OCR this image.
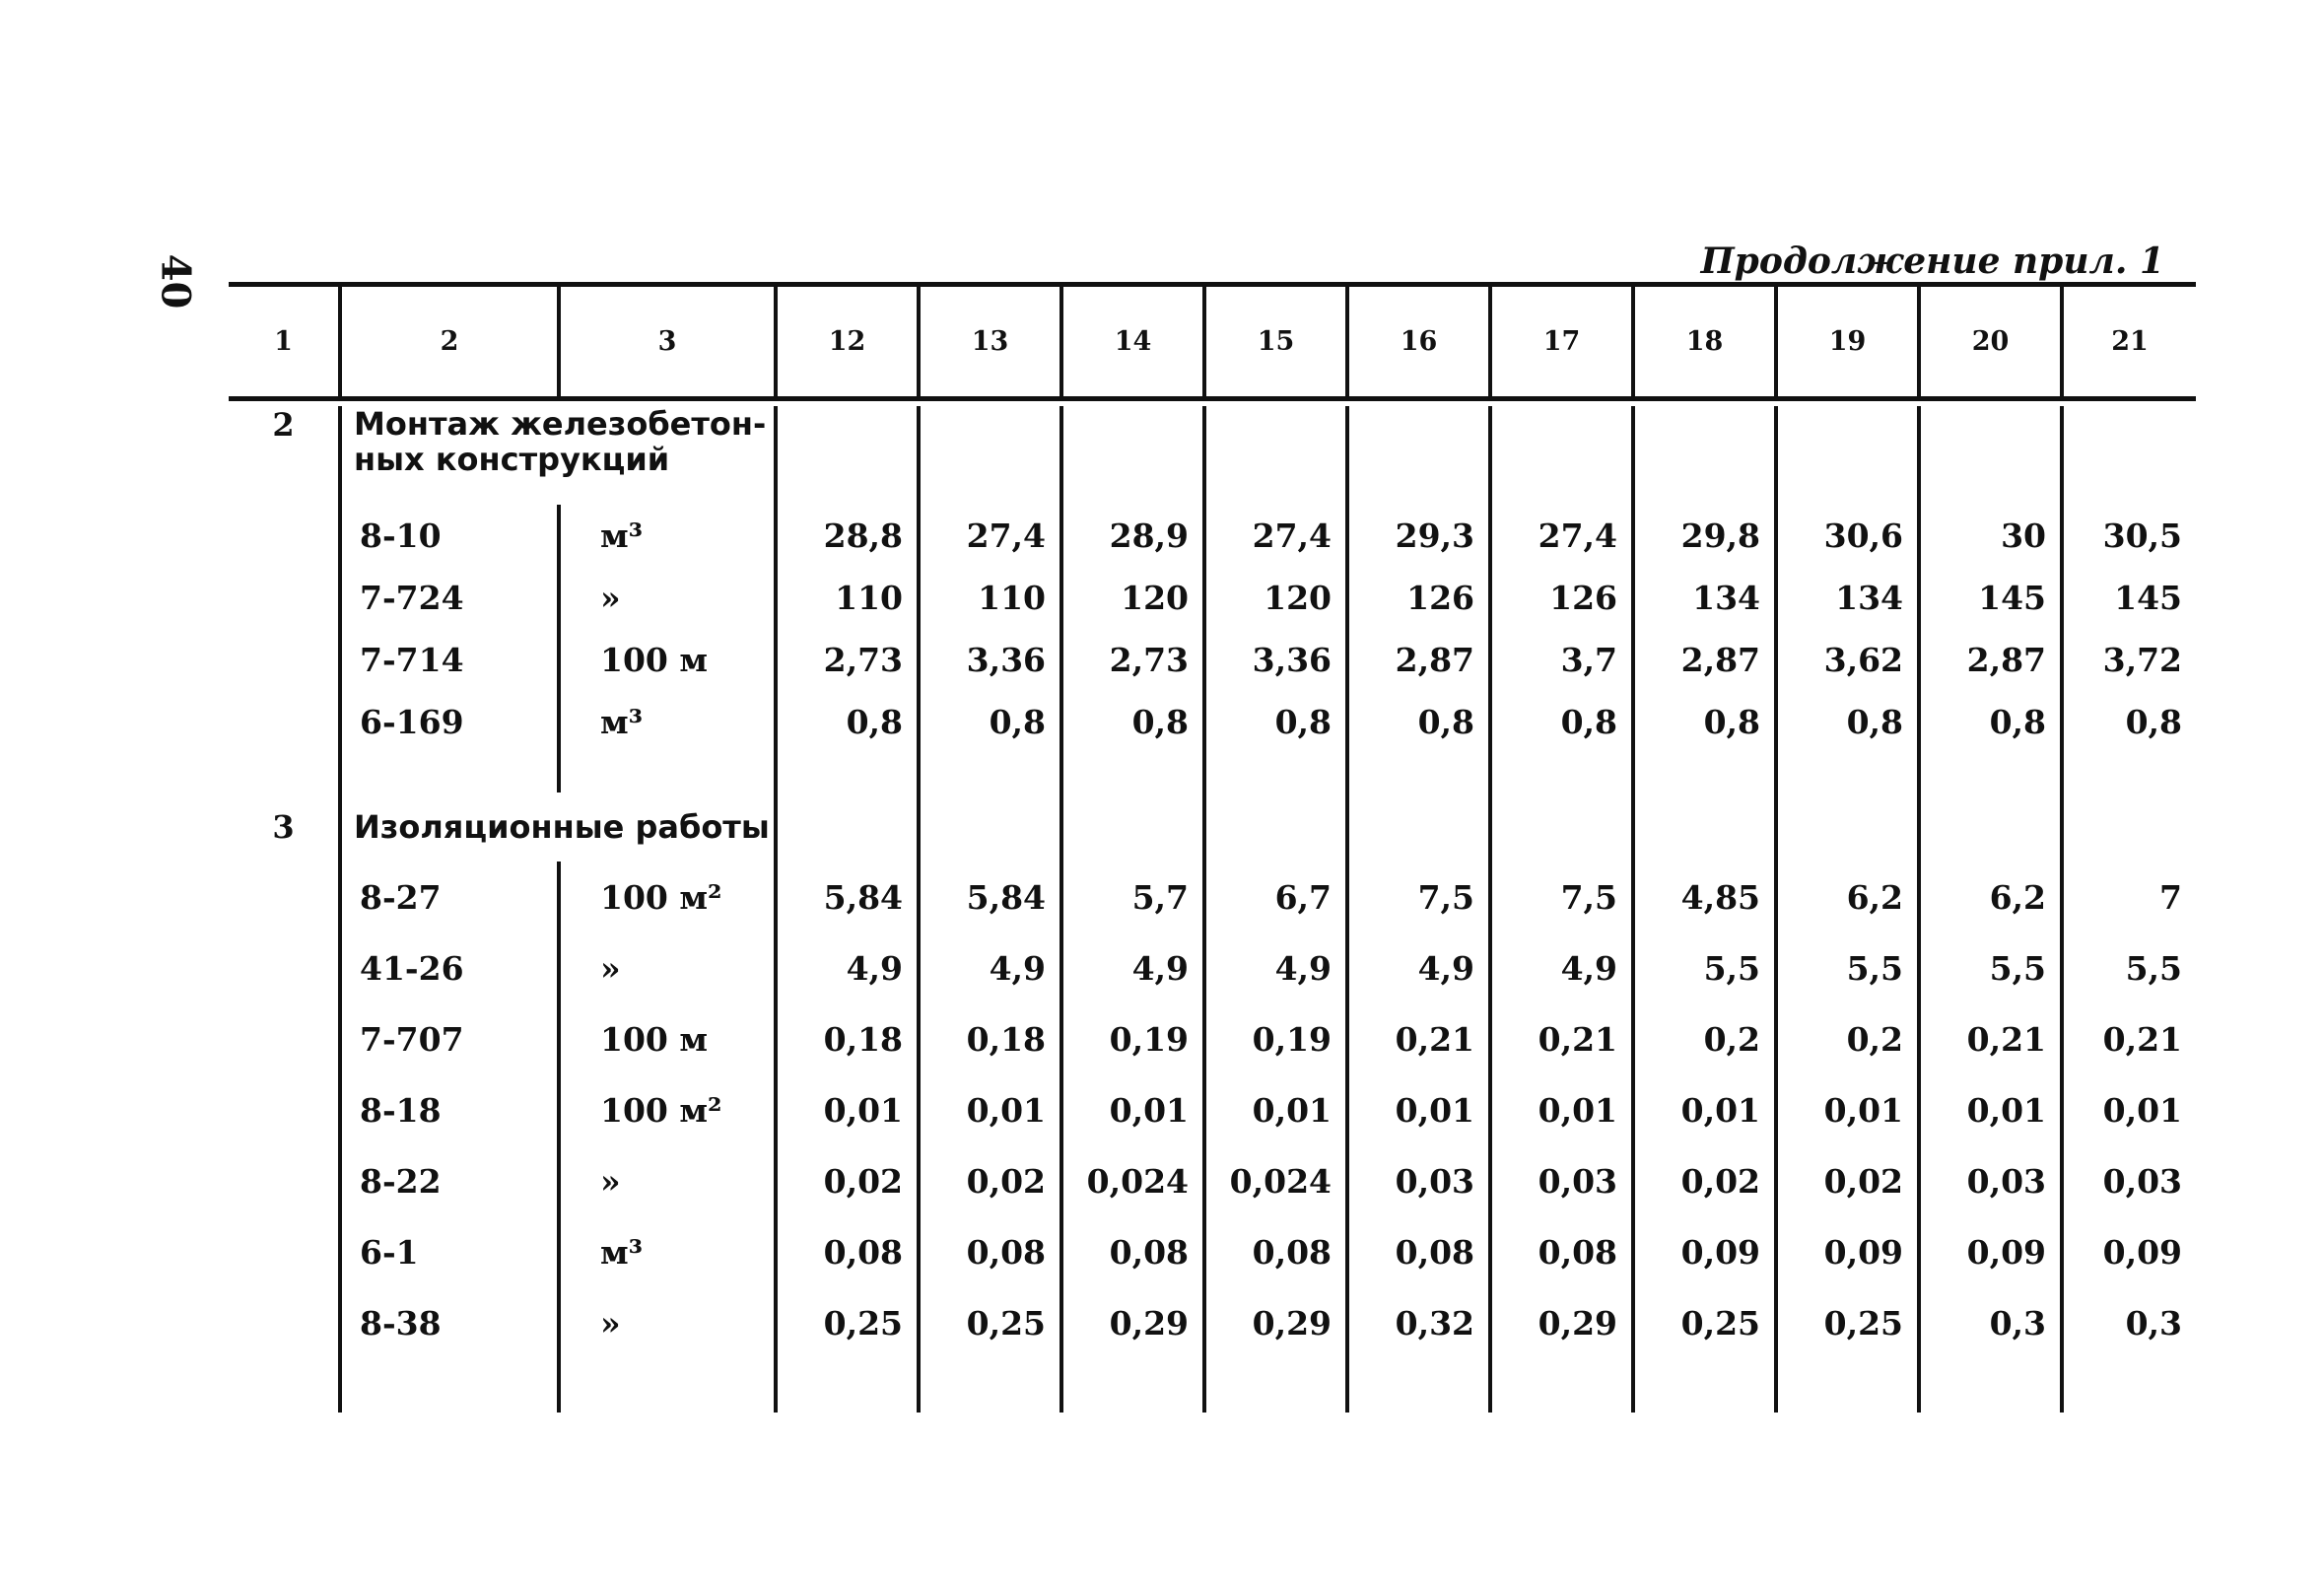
40	Продолжение прил. 1
1	2	3	12	13	14	15	16	17	18	19	20	21
2	Монтаж железобетон-ных конструкций											
	8-10	м³	28,8	27,4	28,9	27,4	29,3	27,4	29,8	30,6	30	30,5
	7-724	»	110	110	120	120	126	126	134	134	145	145
	7-714	100 м	2,73	3,36	2,73	3,36	2,87	3,7	2,87	3,62	2,87	3,72
	6-169	м³	0,8	0,8	0,8	0,8	0,8	0,8	0,8	0,8	0,8	0,8

3	Изоляционные работы											
	8-27	100 м²	5,84	5,84	5,7	6,7	7,5	7,5	4,85	6,2	6,2	7
	41-26	»	4,9	4,9	4,9	4,9	4,9	4,9	5,5	5,5	5,5	5,5
	7-707	100 м	0,18	0,18	0,19	0,19	0,21	0,21	0,2	0,2	0,21	0,21
	8-18	100 м²	0,01	0,01	0,01	0,01	0,01	0,01	0,01	0,01	0,01	0,01
	8-22	»	0,02	0,02	0,024	0,024	0,03	0,03	0,02	0,02	0,03	0,03
	6-1	м³	0,08	0,08	0,08	0,08	0,08	0,08	0,09	0,09	0,09	0,09
	8-38	»	0,25	0,25	0,29	0,29	0,32	0,29	0,25	0,25	0,3	0,3
